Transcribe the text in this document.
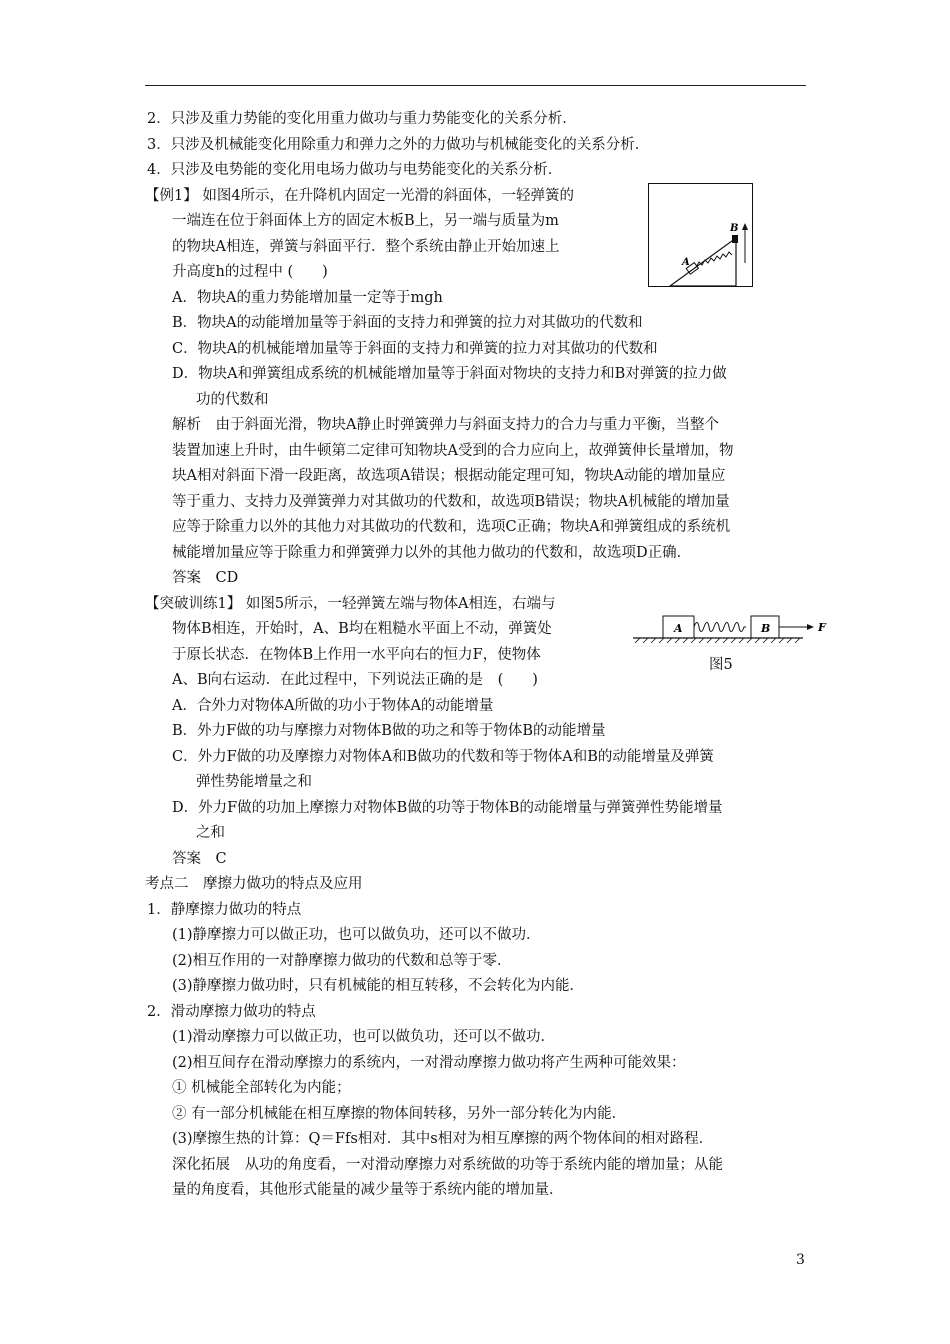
2．只涉及重力势能的变化用重力做功与重力势能变化的关系分析．
3．只涉及机械能变化用除重力和弹力之外的力做功与机械能变化的关系分析．
4．只涉及电势能的变化用电场力做功与电势能变化的关系分析．
【例1】 如图4所示，在升降机内固定一光滑的斜面体，一轻弹簧的
一端连在位于斜面体上方的固定木板B上，另一端与质量为m
的物块A相连，弹簧与斜面平行．整个系统由静止开始加速上
升高度h的过程中 (　　)
A．物块A的重力势能增加量一定等于mgh
B．物块A的动能增加量等于斜面的支持力和弹簧的拉力对其做功的代数和
C．物块A的机械能增加量等于斜面的支持力和弹簧的拉力对其做功的代数和
D．物块A和弹簧组成系统的机械能增加量等于斜面对物块的支持力和B对弹簧的拉力做
功的代数和
解析　由于斜面光滑，物块A静止时弹簧弹力与斜面支持力的合力与重力平衡，当整个
装置加速上升时，由牛顿第二定律可知物块A受到的合力应向上，故弹簧伸长量增加，物
块A相对斜面下滑一段距离，故选项A错误；根据动能定理可知，物块A动能的增加量应
等于重力、支持力及弹簧弹力对其做功的代数和，故选项B错误；物块A机械能的增加量
应等于除重力以外的其他力对其做功的代数和，选项C正确；物块A和弹簧组成的系统机
械能增加量应等于除重力和弹簧弹力以外的其他力做功的代数和，故选项D正确．
答案　CD
【突破训练1】 如图5所示，一轻弹簧左端与物体A相连，右端与
物体B相连，开始时，A、B均在粗糙水平面上不动，弹簧处
于原长状态．在物体B上作用一水平向右的恒力F，使物体
A、B向右运动．在此过程中，下列说法正确的是　(　　)
A．合外力对物体A所做的功小于物体A的动能增量
B．外力F做的功与摩擦力对物体B做的功之和等于物体B的动能增量
C．外力F做的功及摩擦力对物体A和B做功的代数和等于物体A和B的动能增量及弹簧
弹性势能增量之和
D．外力F做的功加上摩擦力对物体B做的功等于物体B的动能增量与弹簧弹性势能增量
之和
答案　C
考点二　摩擦力做功的特点及应用
1．静摩擦力做功的特点
(1)静摩擦力可以做正功，也可以做负功，还可以不做功．
(2)相互作用的一对静摩擦力做功的代数和总等于零．
(3)静摩擦力做功时，只有机械能的相互转移，不会转化为内能．
2．滑动摩擦力做功的特点
(1)滑动摩擦力可以做正功，也可以做负功，还可以不做功．
(2)相互间存在滑动摩擦力的系统内，一对滑动摩擦力做功将产生两种可能效果：
① 机械能全部转化为内能；
② 有一部分机械能在相互摩擦的物体间转移，另外一部分转化为内能．
(3)摩擦生热的计算：Q＝Ffs相对．其中s相对为相互摩擦的两个物体间的相对路程．
深化拓展　从功的角度看，一对滑动摩擦力对系统做的功等于系统内能的增加量；从能
量的角度看，其他形式能量的减少量等于系统内能的增加量．
A
B
A	B	F
图5
3
